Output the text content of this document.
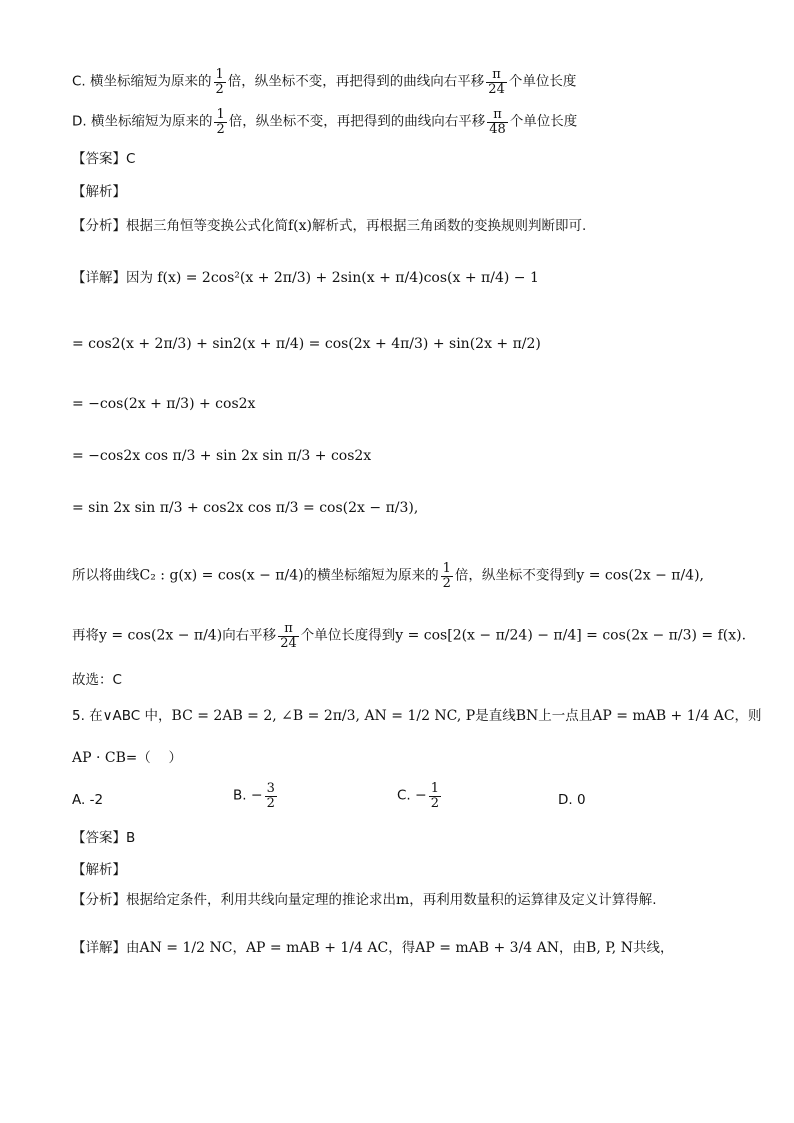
C. 横坐标缩短为原来的 $\frac{1}{2}$ 倍，纵坐标不变，再把得到的曲线向右平移 $\frac{\pi}{24}$ 个单位长度
D. 横坐标缩短为原来的 $\frac{1}{2}$ 倍，纵坐标不变，再把得到的曲线向右平移 $\frac{\pi}{48}$ 个单位长度
【答案】C
【解析】
【分析】根据三角恒等变换公式化简f(x)解析式，再根据三角函数的变换规则判断即可.
【详解】因为 f(x) = 2cos²(x + 2π/3) + 2sin(x + π/4)cos(x + π/4) − 1
= cos2(x + 2π/3) + sin2(x + π/4) = cos(2x + 4π/3) + sin(2x + π/2)
= −cos(2x + π/3) + cos2x
= −cos2x cos π/3 + sin 2x sin π/3 + cos2x
= sin 2x sin π/3 + cos2x cos π/3 = cos(2x − π/3),
所以将曲线C₂ : g(x) = cos(x − π/4)的横坐标缩短为原来的 $\frac{1}{2}$ 倍，纵坐标不变得到y = cos(2x − π/4),
再将y = cos(2x − π/4)向右平移 $\frac{\pi}{24}$ 个单位长度得到y = cos[2(x − π/24) − π/4] = cos(2x − π/3) = f(x).
故选：C
5. 在∨ABC 中，BC = 2AB = 2, ∠B = 2π/3, AN = 1/2 NC, P是直线BN上一点且AP = mAB + 1/4 AC，则
AP · CB=（　 ）
A. -2	B. − $\frac{3}{2}$	C. − $\frac{1}{2}$	D. 0
【答案】B
【解析】
【分析】根据给定条件，利用共线向量定理的推论求出m，再利用数量积的运算律及定义计算得解.
【详解】由AN = 1/2 NC，AP = mAB + 1/4 AC，得AP = mAB + 3/4 AN，由B, P, N共线，
